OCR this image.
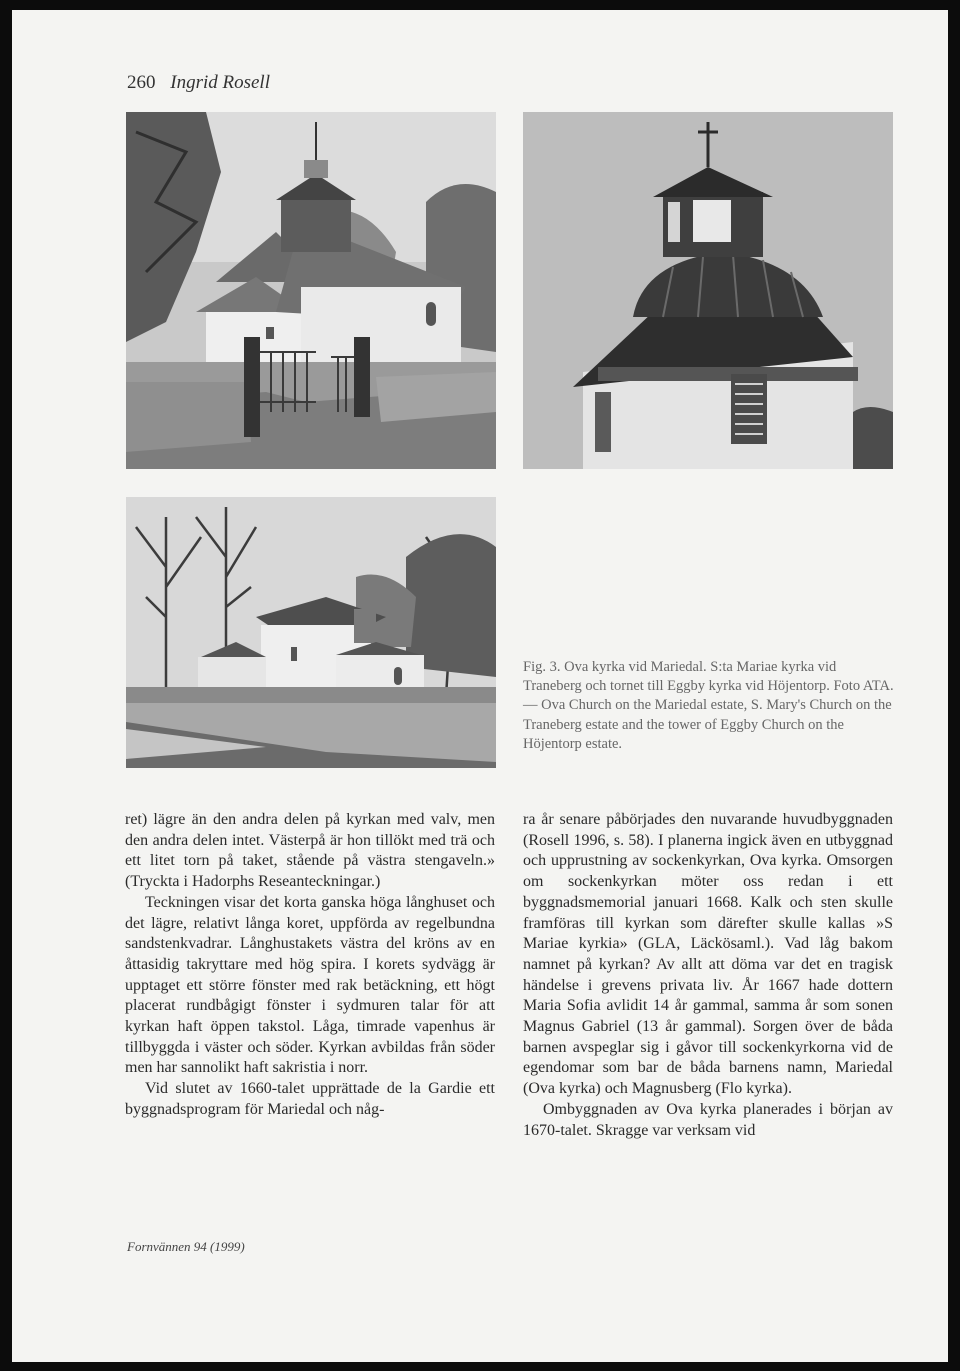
260 Ingrid Rosell
Fig. 3. Ova kyrka vid Mariedal. S:ta Mariae kyrka vid Traneberg och tornet till Eggby kyrka vid Höjentorp. Foto ATA. — Ova Church on the Mariedal estate, S. Mary's Church on the Traneberg estate and the tower of Eggby Church on the Höjentorp estate.

ret) lägre än den andra delen på kyrkan med valv, men den andra delen intet. Västerpå är hon tillökt med trä och ett litet torn på taket, stående på västra stengaveln.» (Tryckta i Hadorphs Reseanteckningar.)

Teckningen visar det korta ganska höga långhuset och det lägre, relativt långa koret, uppförda av regelbundna sandstenkvadrar. Långhustakets västra del kröns av en åttasidig takryttare med hög spira. I korets sydvägg är upptaget ett större fönster med rak betäckning, ett högt placerat rundbågigt fönster i sydmuren talar för att kyrkan haft öppen takstol. Låga, timrade vapenhus är tillbyggda i väster och söder. Kyrkan avbildas från söder men har sannolikt haft sakristia i norr.

Vid slutet av 1660-talet upprättade de la Gardie ett byggnadsprogram för Mariedal och någ-

ra år senare påbörjades den nuvarande huvudbyggnaden (Rosell 1996, s. 58). I planerna ingick även en utbyggnad och upprustning av sockenkyrkan, Ova kyrka. Omsorgen om sockenkyrkan möter oss redan i ett byggnadsmemorial januari 1668. Kalk och sten skulle framföras till kyrkan som därefter skulle kallas »S Mariae kyrkia» (GLA, Läckösaml.). Vad låg bakom namnet på kyrkan? Av allt att döma var det en tragisk händelse i grevens privata liv. År 1667 hade dottern Maria Sofia avlidit 14 år gammal, samma år som sonen Magnus Gabriel (13 år gammal). Sorgen över de båda barnen avspeglar sig i gåvor till sockenkyrkorna vid de egendomar som bar de båda barnens namn, Mariedal (Ova kyrka) och Magnusberg (Flo kyrka).

Ombyggnaden av Ova kyrka planerades i början av 1670-talet. Skragge var verksam vid

Fornvännen 94 (1999)
